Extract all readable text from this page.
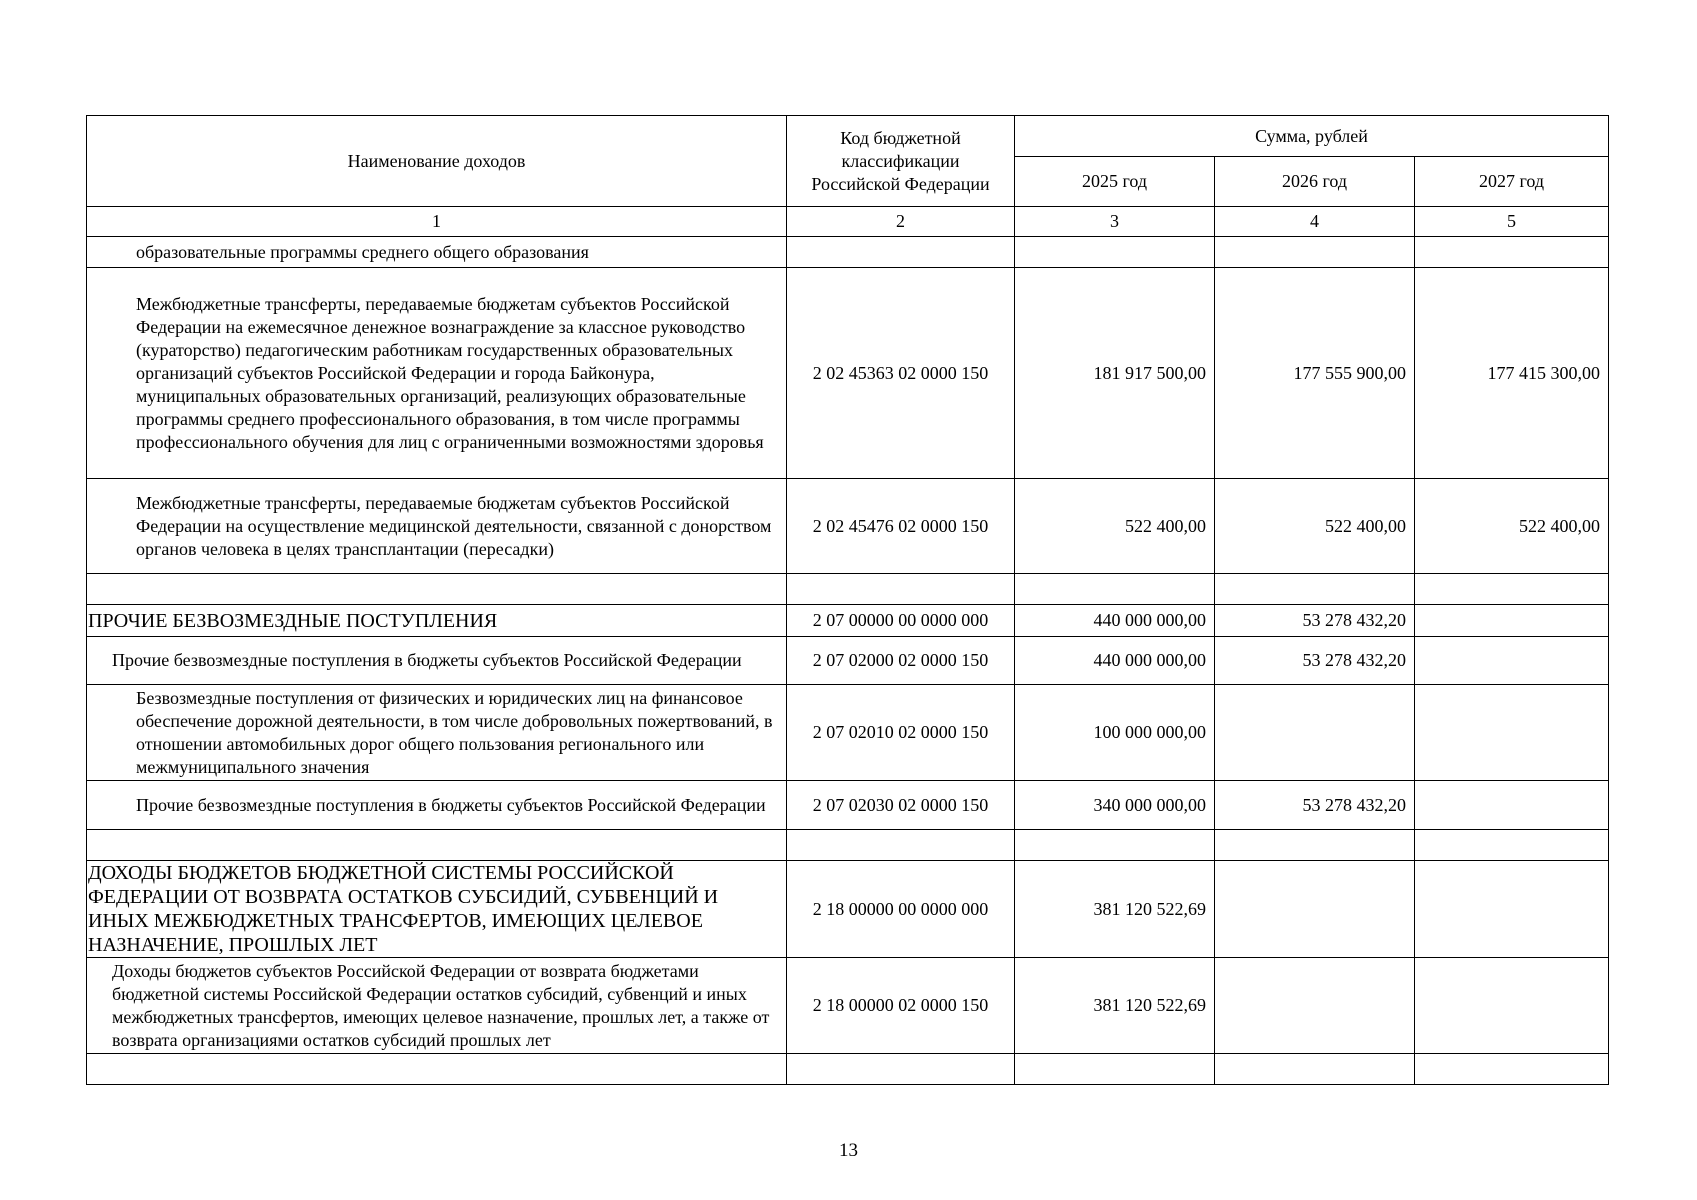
Наименование доходов	Код бюджетной классификации Российской Федерации	Сумма, рублей		
		2025 год	2026 год	2027 год
1	2	3	4	5
образовательные программы среднего общего образования				
Межбюджетные трансферты, передаваемые бюджетам субъектов Российской Федерации на ежемесячное денежное вознаграждение за классное руководство (кураторство) педагогическим работникам государственных образовательных организаций субъектов Российской Федерации и города Байконура, муниципальных образовательных организаций, реализующих образовательные программы среднего профессионального образования, в том числе программы профессионального обучения для лиц с ограниченными возможностями здоровья	2 02 45363 02 0000 150	181 917 500,00	177 555 900,00	177 415 300,00
Межбюджетные трансферты, передаваемые бюджетам субъектов Российской Федерации на осуществление медицинской деятельности, связанной с донорством органов человека в целях трансплантации (пересадки)	2 02 45476 02 0000 150	522 400,00	522 400,00	522 400,00

ПРОЧИЕ БЕЗВОЗМЕЗДНЫЕ ПОСТУПЛЕНИЯ	2 07 00000 00 0000 000	440 000 000,00	53 278 432,20	
Прочие безвозмездные поступления в бюджеты субъектов Российской Федерации	2 07 02000 02 0000 150	440 000 000,00	53 278 432,20	
Безвозмездные поступления от физических и юридических лиц на финансовое обеспечение дорожной деятельности, в том числе добровольных пожертвований, в отношении автомобильных дорог общего пользования регионального или межмуниципального значения	2 07 02010 02 0000 150	100 000 000,00		
Прочие безвозмездные поступления в бюджеты субъектов Российской Федерации	2 07 02030 02 0000 150	340 000 000,00	53 278 432,20	

ДОХОДЫ БЮДЖЕТОВ БЮДЖЕТНОЙ СИСТЕМЫ РОССИЙСКОЙ ФЕДЕРАЦИИ ОТ ВОЗВРАТА ОСТАТКОВ СУБСИДИЙ, СУБВЕНЦИЙ И ИНЫХ МЕЖБЮДЖЕТНЫХ ТРАНСФЕРТОВ, ИМЕЮЩИХ ЦЕЛЕВОЕ НАЗНАЧЕНИЕ, ПРОШЛЫХ ЛЕТ	2 18 00000 00 0000 000	381 120 522,69		
Доходы бюджетов субъектов Российской Федерации от возврата бюджетами бюджетной системы Российской Федерации остатков субсидий, субвенций и иных межбюджетных трансфертов, имеющих целевое назначение, прошлых лет, а также от возврата организациями остатков субсидий прошлых лет	2 18 00000 02 0000 150	381 120 522,69		

13
